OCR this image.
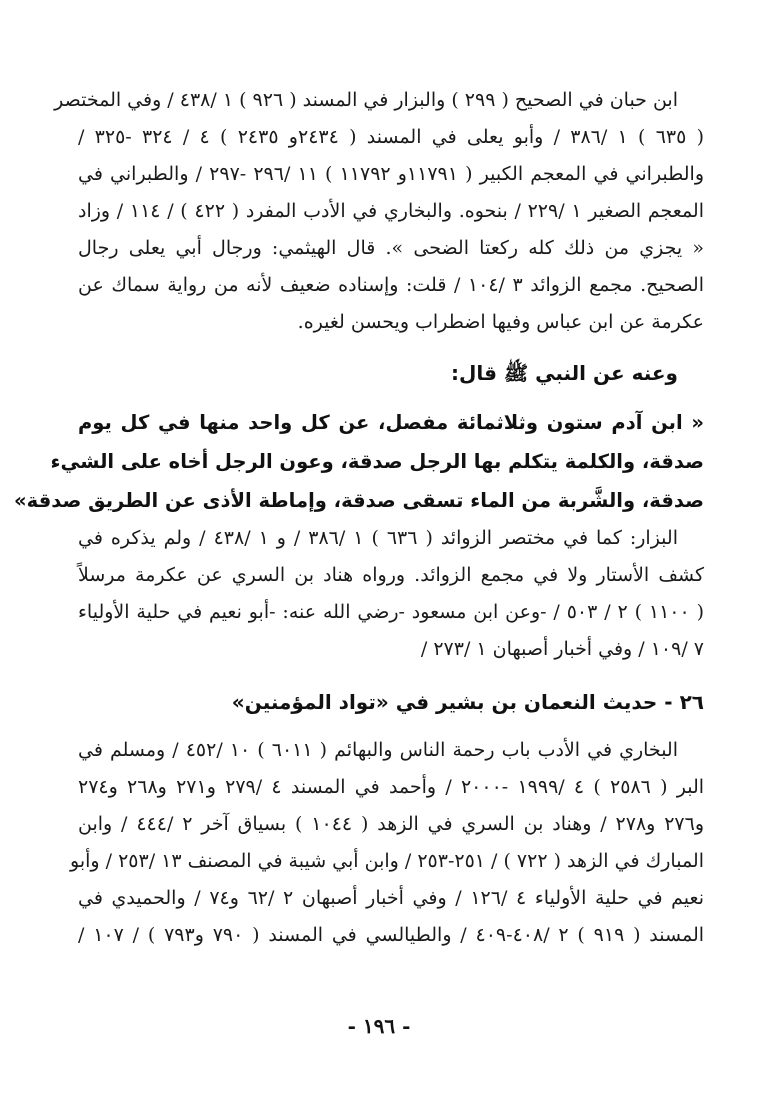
ابن حبان في الصحيح ( ٢٩٩ ) والبزار في المسند ( ٩٢٦ ) ١ /٤٣٨ / وفي المختصر
( ٦٣٥ ) ١ /٣٨٦ / وأبو يعلى في المسند ( ٢٤٣٤و ٢٤٣٥ ) ٤ / ٣٢٤ -٣٢٥ /
والطبراني في المعجم الكبير ( ١١٧٩١و ١١٧٩٢ ) ١١ /٢٩٦ -٢٩٧ / والطبراني في
المعجم الصغير ١ /٢٢٩ / بنحوه. والبخاري في الأدب المفرد ( ٤٢٢ ) / ١١٤ / وزاد
« يجزي من ذلك كله ركعتا الضحى ». قال الهيثمي: ورجال أبي يعلى رجال
الصحيح. مجمع الزوائد ٣ /١٠٤ / قلت: وإسناده ضعيف لأنه من رواية سماك عن
عكرمة عن ابن عباس وفيها اضطراب ويحسن لغيره.
وعنه عن النبي ﷺ قال:
« ابن آدم ستون وثلاثمائة مفصل، عن كل واحد منها في كل يوم
صدقة، والكلمة يتكلم بها الرجل صدقة، وعون الرجل أخاه على الشيء
صدقة، والشَّربة من الماء تسقى صدقة، وإماطة الأذى عن الطريق صدقة»
البزار: كما في مختصر الزوائد ( ٦٣٦ ) ١ /٣٨٦ / و ١ /٤٣٨ / ولم يذكره في
كشف الأستار ولا في مجمع الزوائد. ورواه هناد بن السري عن عكرمة مرسلاً
( ١١٠٠ ) ٢ / ٥٠٣ / -وعن ابن مسعود -رضي الله عنه: -أبو نعيم في حلية الأولياء
٧ /١٠٩ / وفي أخبار أصبهان ١ /٢٧٣ /
٢٦ - حديث النعمان بن بشير في «تواد المؤمنين»
البخاري في الأدب باب رحمة الناس والبهائم ( ٦٠١١ ) ١٠ /٤٥٢ / ومسلم في
البر ( ٢٥٨٦ ) ٤ /١٩٩٩ -٢٠٠٠ / وأحمد في المسند ٤ /٢٧٩ و٢٧١ و٢٦٨ و٢٧٤
و٢٧٦ و٢٧٨ / وهناد بن السري في الزهد ( ١٠٤٤ ) بسياق آخر ٢ /٤٤٤ / وابن
المبارك في الزهد ( ٧٢٢ ) / ٢٥١-٢٥٣ / وابن أبي شيبة في المصنف ١٣ /٢٥٣ / وأبو
نعيم في حلية الأولياء ٤ /١٢٦ / وفي أخبار أصبهان ٢ /٦٢ و٧٤ / والحميدي في
المسند ( ٩١٩ ) ٢ /٤٠٨-٤٠٩ / والطيالسي في المسند ( ٧٩٠ و٧٩٣ ) / ١٠٧ /
- ١٩٦ -
